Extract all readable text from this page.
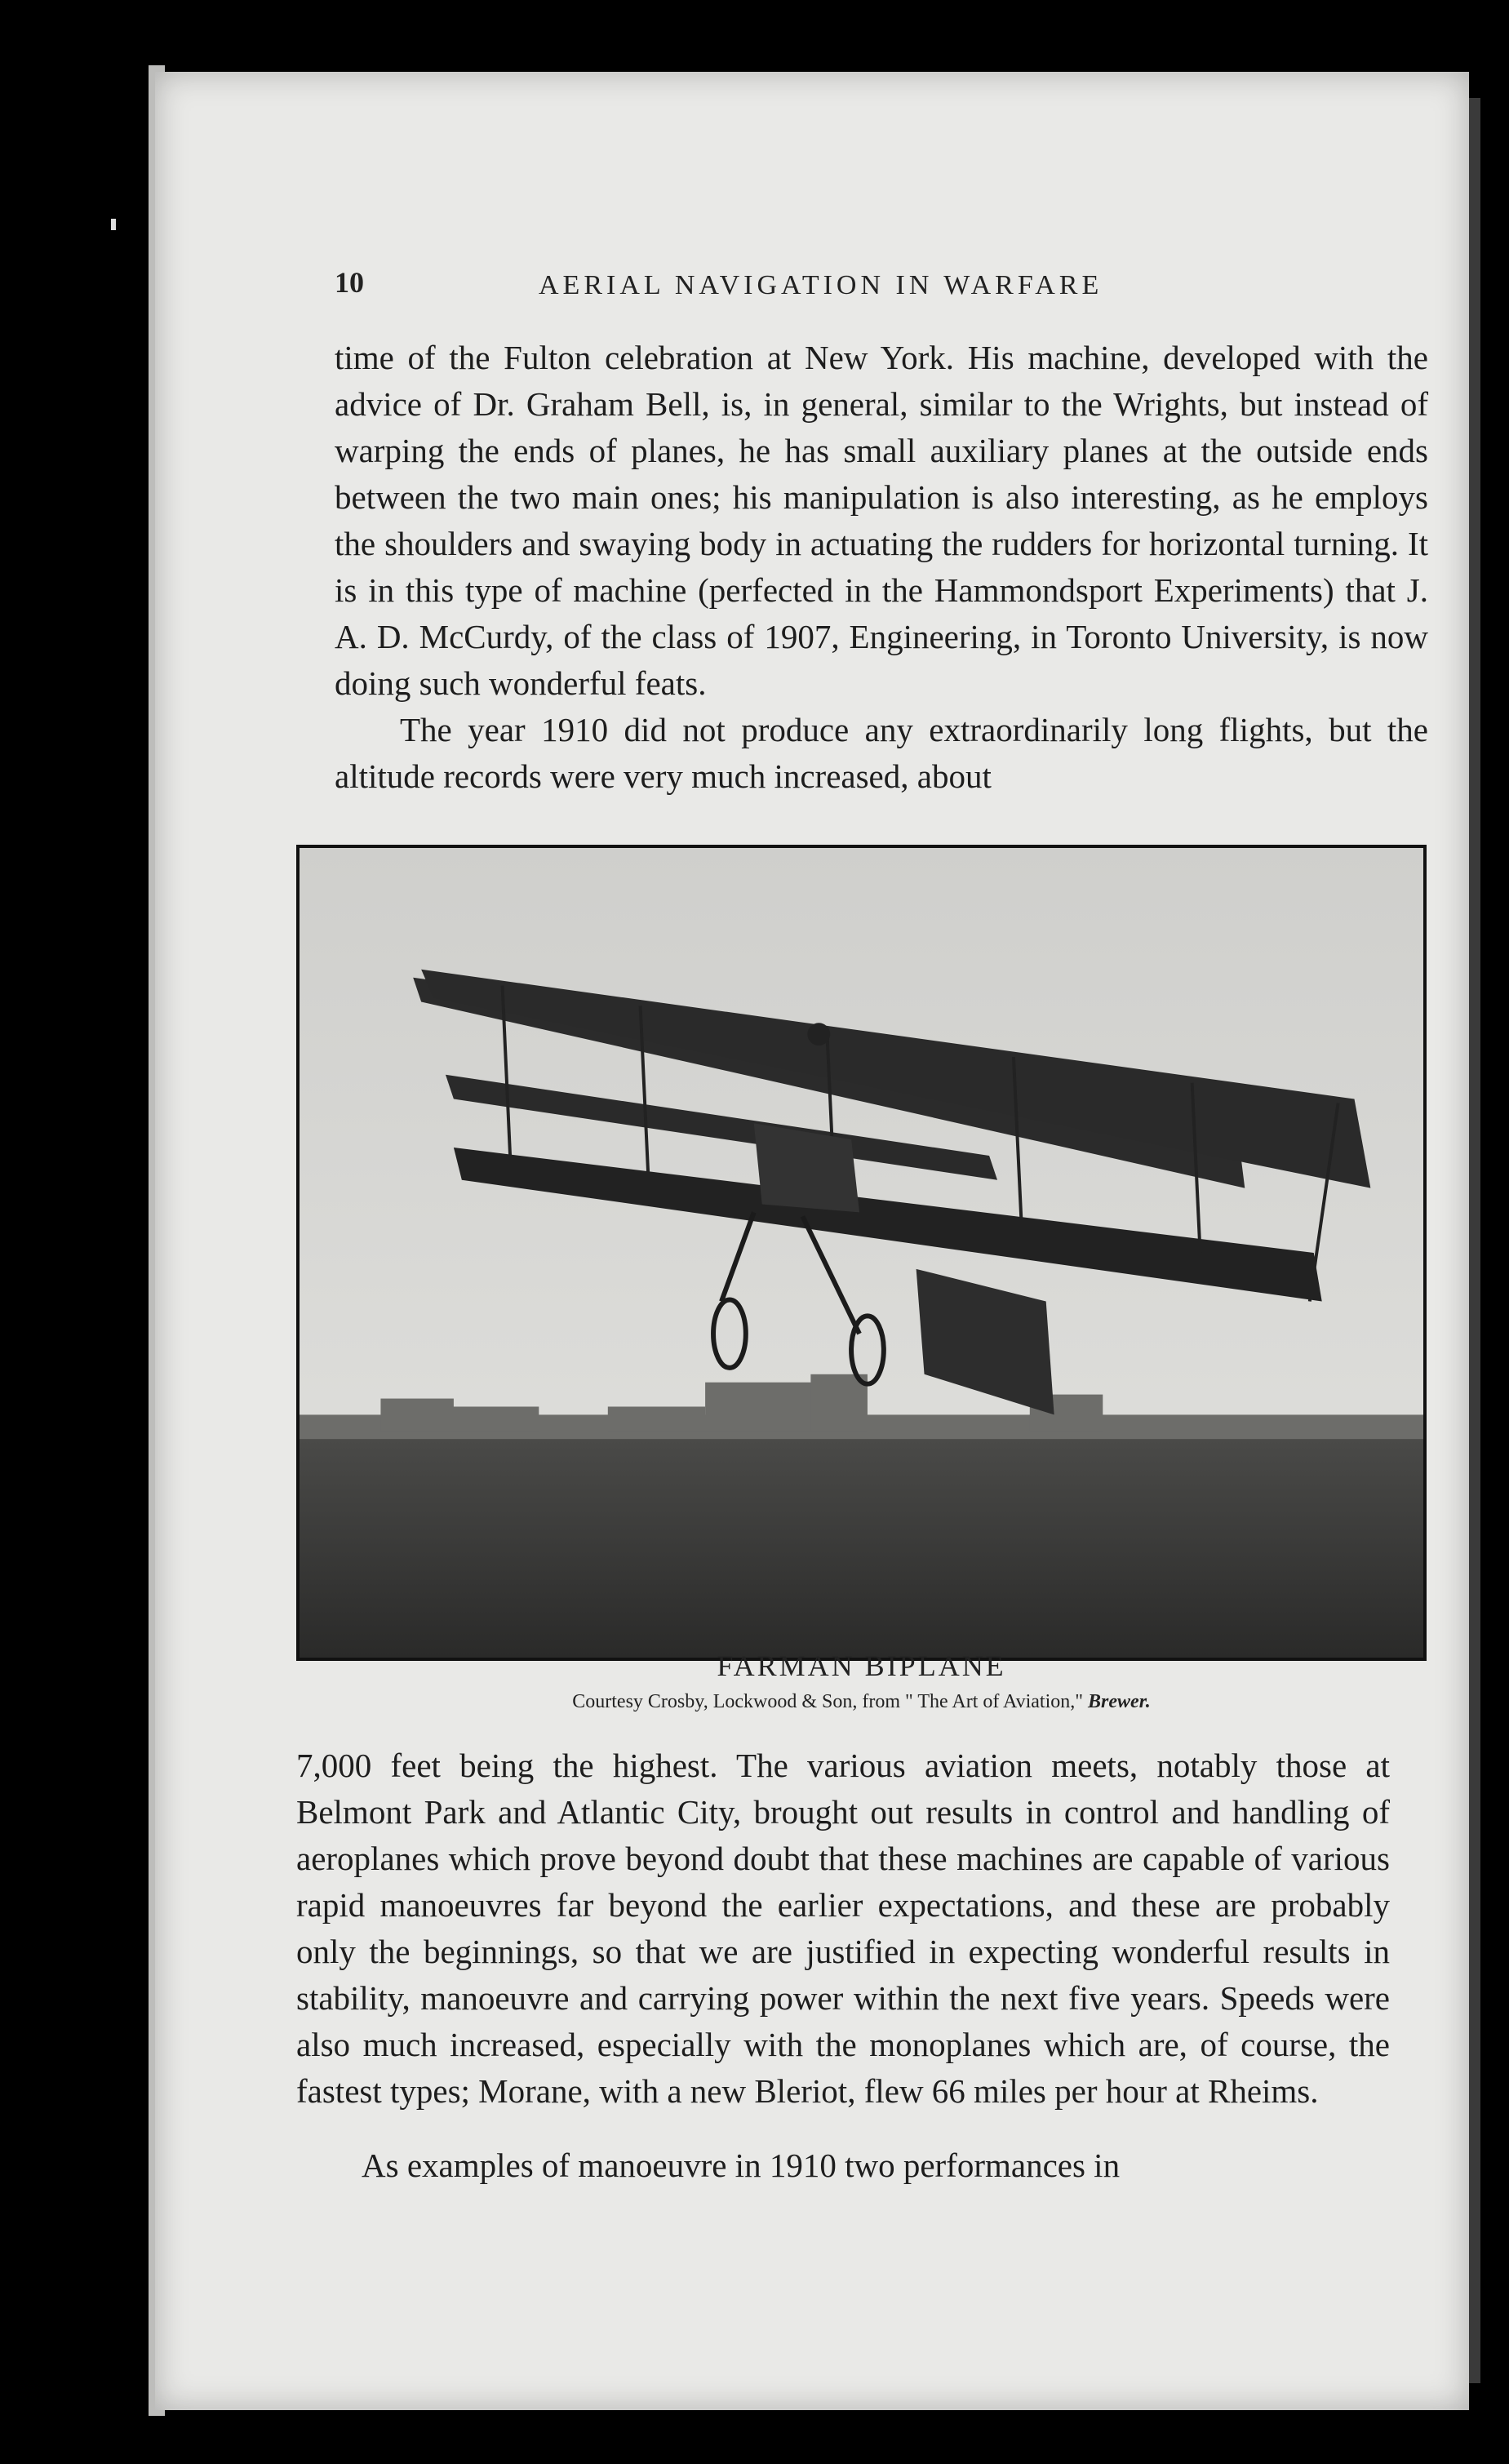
10	AERIAL NAVIGATION IN WARFARE

time of the Fulton celebration at New York. His machine, developed with the advice of Dr. Graham Bell, is, in general, similar to the Wrights, but instead of warping the ends of planes, he has small auxiliary planes at the outside ends between the two main ones; his manipulation is also interesting, as he employs the shoulders and swaying body in actuating the rudders for horizontal turning. It is in this type of machine (perfected in the Hammondsport Experiments) that J. A. D. McCurdy, of the class of 1907, Engineering, in Toronto University, is now doing such wonderful feats.

The year 1910 did not produce any extraordinarily long flights, but the altitude records were very much increased, about

FARMAN BIPLANE
Courtesy Crosby, Lockwood & Son, from " The Art of Aviation," Brewer.

7,000 feet being the highest. The various aviation meets, notably those at Belmont Park and Atlantic City, brought out results in control and handling of aeroplanes which prove beyond doubt that these machines are capable of various rapid manoeuvres far beyond the earlier expectations, and these are probably only the beginnings, so that we are justified in expecting wonderful results in stability, manoeuvre and carrying power within the next five years. Speeds were also much increased, especially with the monoplanes which are, of course, the fastest types; Morane, with a new Bleriot, flew 66 miles per hour at Rheims.

As examples of manoeuvre in 1910 two performances in
